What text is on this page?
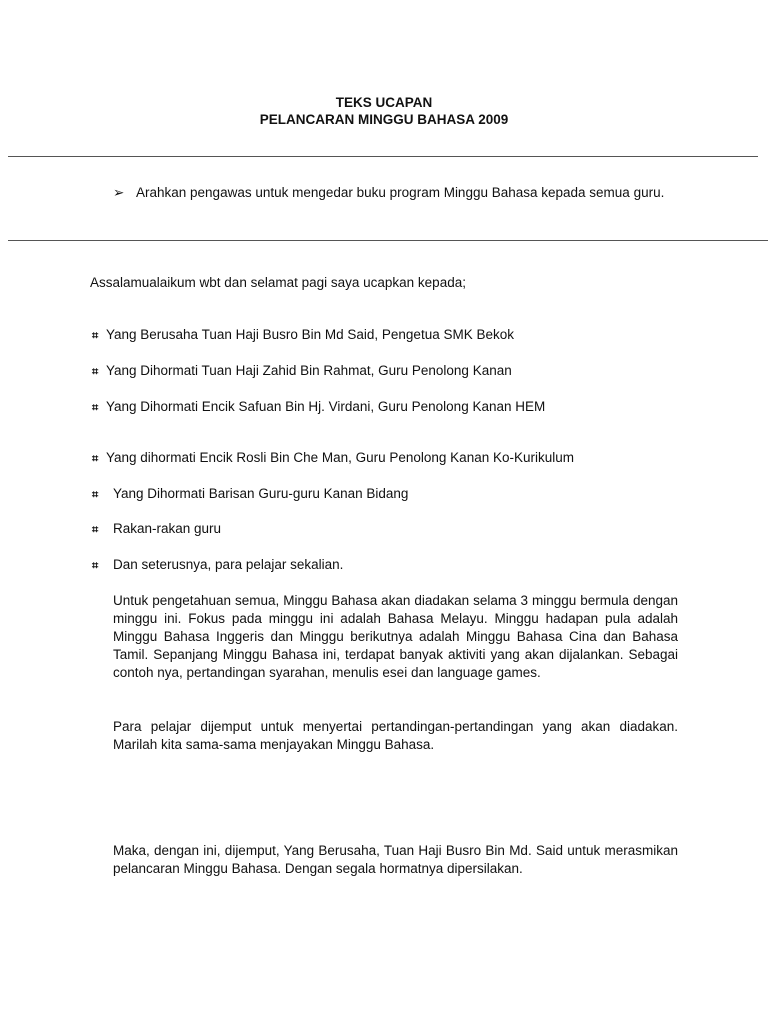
TEKS UCAPAN
PELANCARAN MINGGU BAHASA 2009
➢ Arahkan pengawas untuk mengedar buku program Minggu Bahasa kepada semua guru.
Assalamualaikum wbt dan selamat pagi saya ucapkan kepada;
⌗ Yang Berusaha Tuan Haji Busro Bin Md Said, Pengetua SMK Bekok
⌗ Yang Dihormati Tuan Haji Zahid Bin Rahmat, Guru Penolong Kanan
⌗ Yang Dihormati Encik Safuan Bin Hj. Virdani, Guru Penolong Kanan HEM
⌗ Yang dihormati Encik Rosli Bin Che Man, Guru Penolong Kanan Ko-Kurikulum
⌗ Yang Dihormati Barisan Guru-guru Kanan Bidang
⌗ Rakan-rakan guru
⌗ Dan seterusnya, para pelajar sekalian.

Untuk pengetahuan semua, Minggu Bahasa akan diadakan selama 3 minggu bermula dengan minggu ini. Fokus pada minggu ini adalah Bahasa Melayu. Minggu hadapan pula adalah Minggu Bahasa Inggeris dan Minggu berikutnya adalah Minggu Bahasa Cina dan Bahasa Tamil. Sepanjang Minggu Bahasa ini, terdapat banyak aktiviti yang akan dijalankan. Sebagai contoh nya, pertandingan syarahan, menulis esei dan language games.

Para pelajar dijemput untuk menyertai pertandingan-pertandingan yang akan diadakan. Marilah kita sama-sama menjayakan Minggu Bahasa.

Maka, dengan ini, dijemput, Yang Berusaha, Tuan Haji Busro Bin Md. Said untuk merasmikan pelancaran Minggu Bahasa. Dengan segala hormatnya dipersilakan.
